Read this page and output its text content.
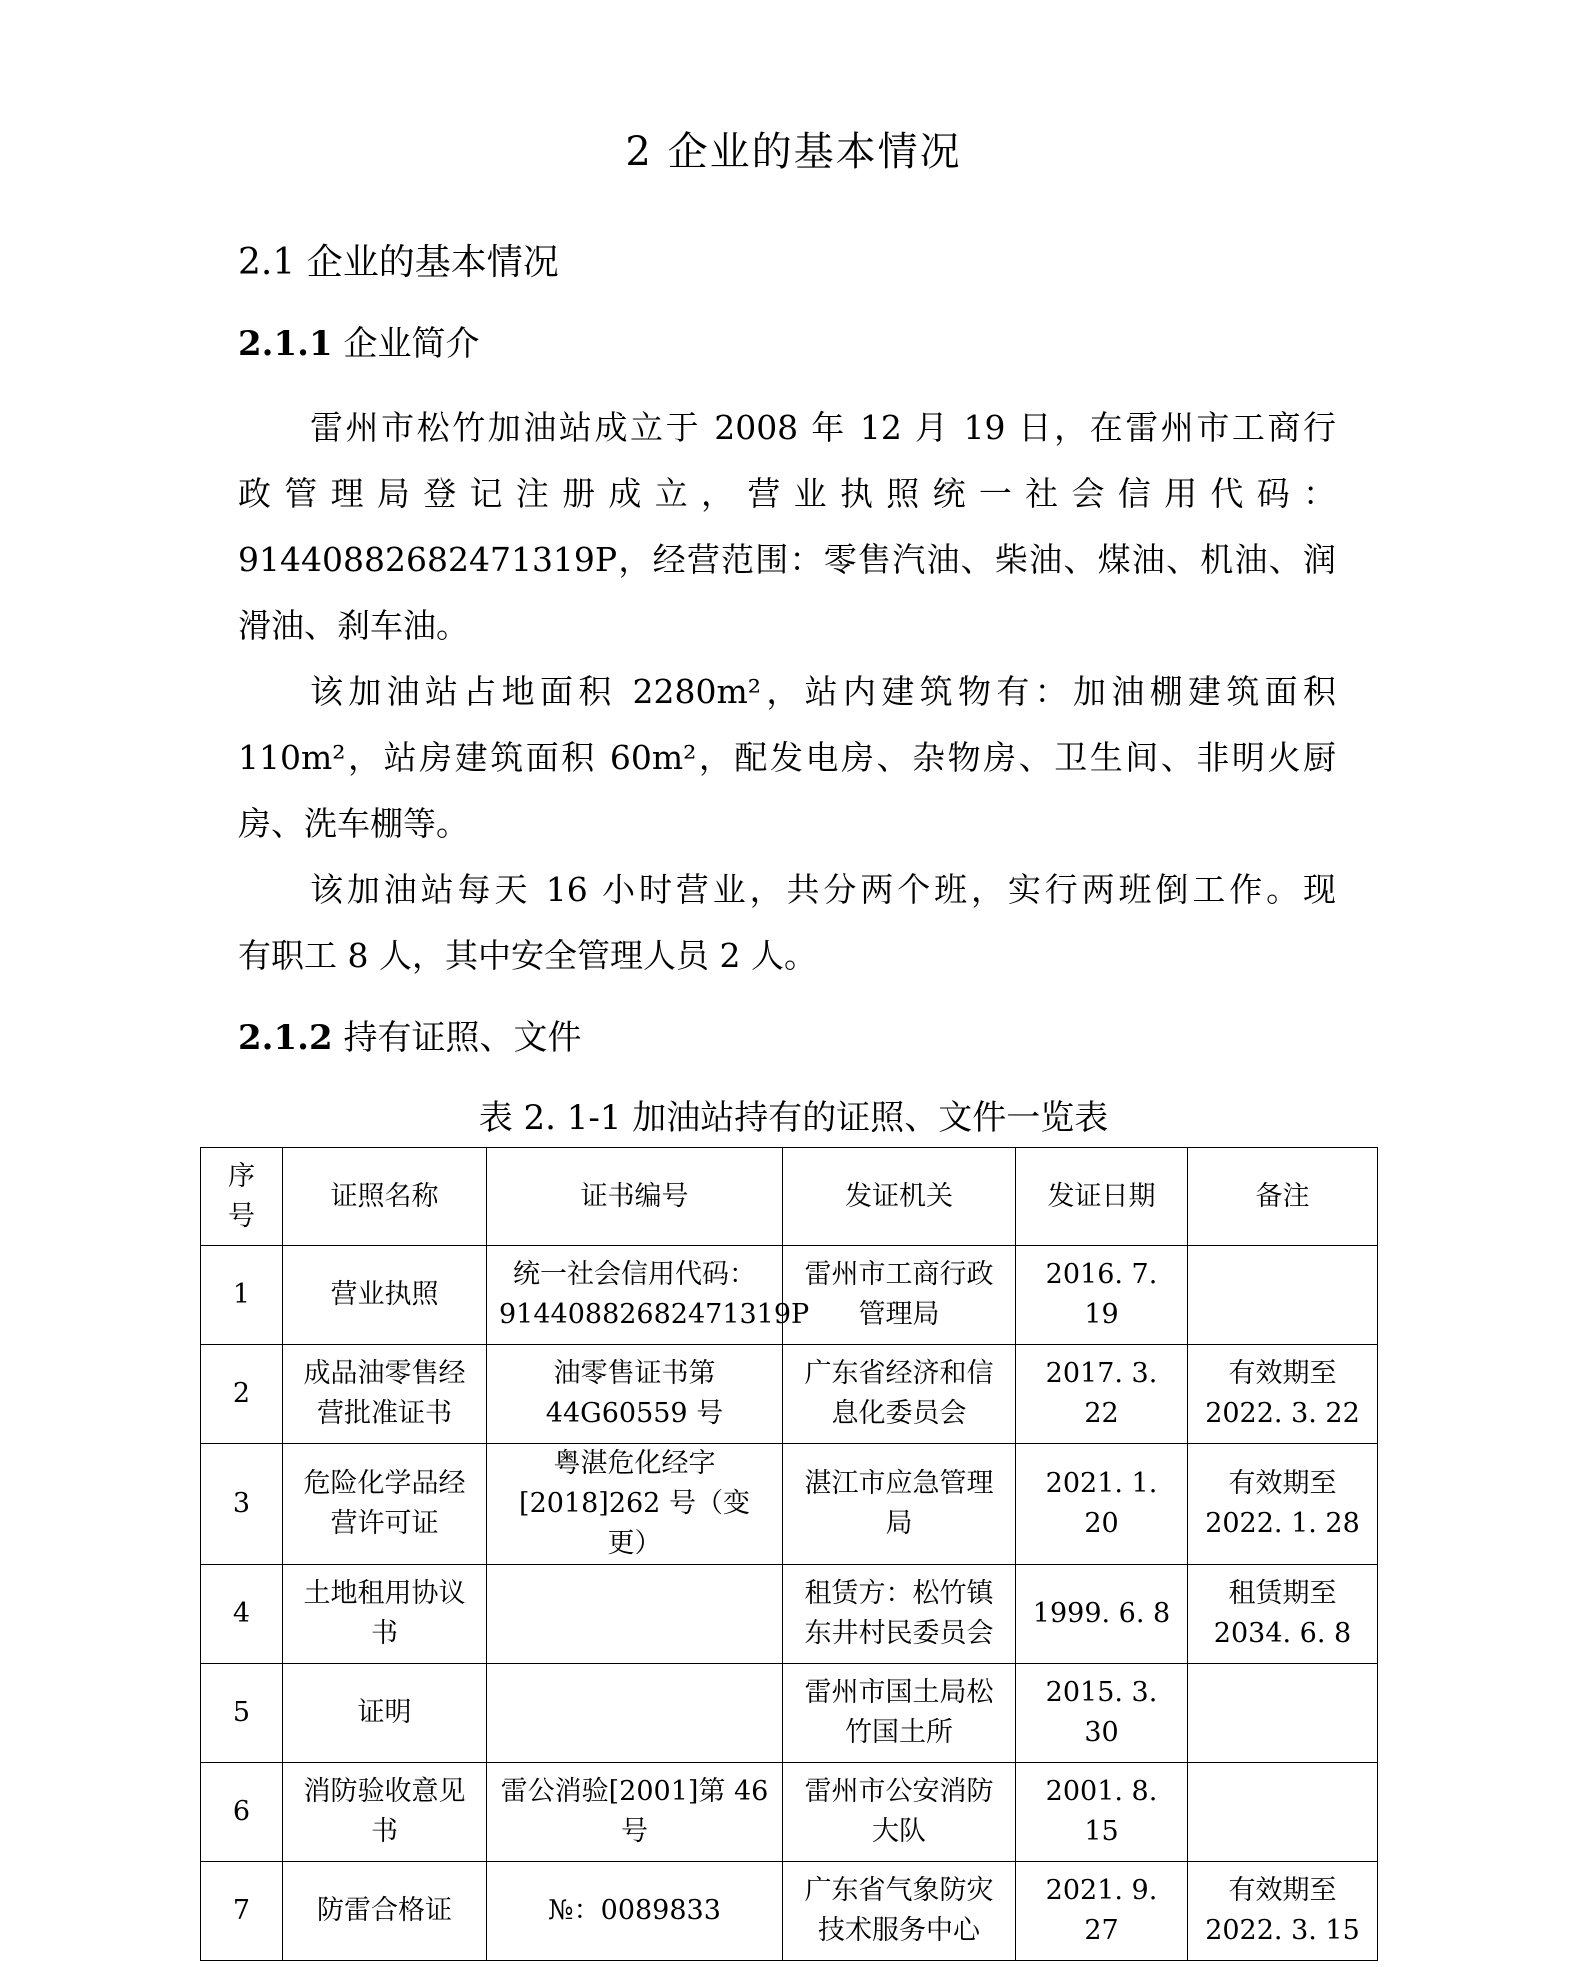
2 企业的基本情况
2.1 企业的基本情况
2.1.1 企业简介
雷州市松竹加油站成立于 2008 年 12 月 19 日，在雷州市工商行
政管理局登记注册成立，营业执照统一社会信用代码：
91440882682471319P，经营范围：零售汽油、柴油、煤油、机油、润
滑油、刹车油。
该加油站占地面积 2280m²，站内建筑物有：加油棚建筑面积
110m²，站房建筑面积 60m²，配发电房、杂物房、卫生间、非明火厨
房、洗车棚等。
该加油站每天 16 小时营业，共分两个班，实行两班倒工作。现
有职工 8 人，其中安全管理人员 2 人。
2.1.2 持有证照、文件
表 2. 1-1 加油站持有的证照、文件一览表
序号	证照名称	证书编号	发证机关	发证日期	备注
1	营业执照	统一社会信用代码：91440882682471319P	雷州市工商行政管理局	2016. 7. 19	
2	成品油零售经营批准证书	油零售证书第 44G60559 号	广东省经济和信息化委员会	2017. 3. 22	有效期至 2022. 3. 22
3	危险化学品经营许可证	粤湛危化经字 [2018]262 号（变更）	湛江市应急管理局	2021. 1. 20	有效期至 2022. 1. 28
4	土地租用协议书		租赁方：松竹镇东井村民委员会	1999. 6. 8	租赁期至 2034. 6. 8
5	证明		雷州市国土局松竹国土所	2015. 3. 30	
6	消防验收意见书	雷公消验[2001]第 46 号	雷州市公安消防大队	2001. 8. 15	
7	防雷合格证	№：0089833	广东省气象防灾技术服务中心	2021. 9. 27	有效期至 2022. 3. 15
